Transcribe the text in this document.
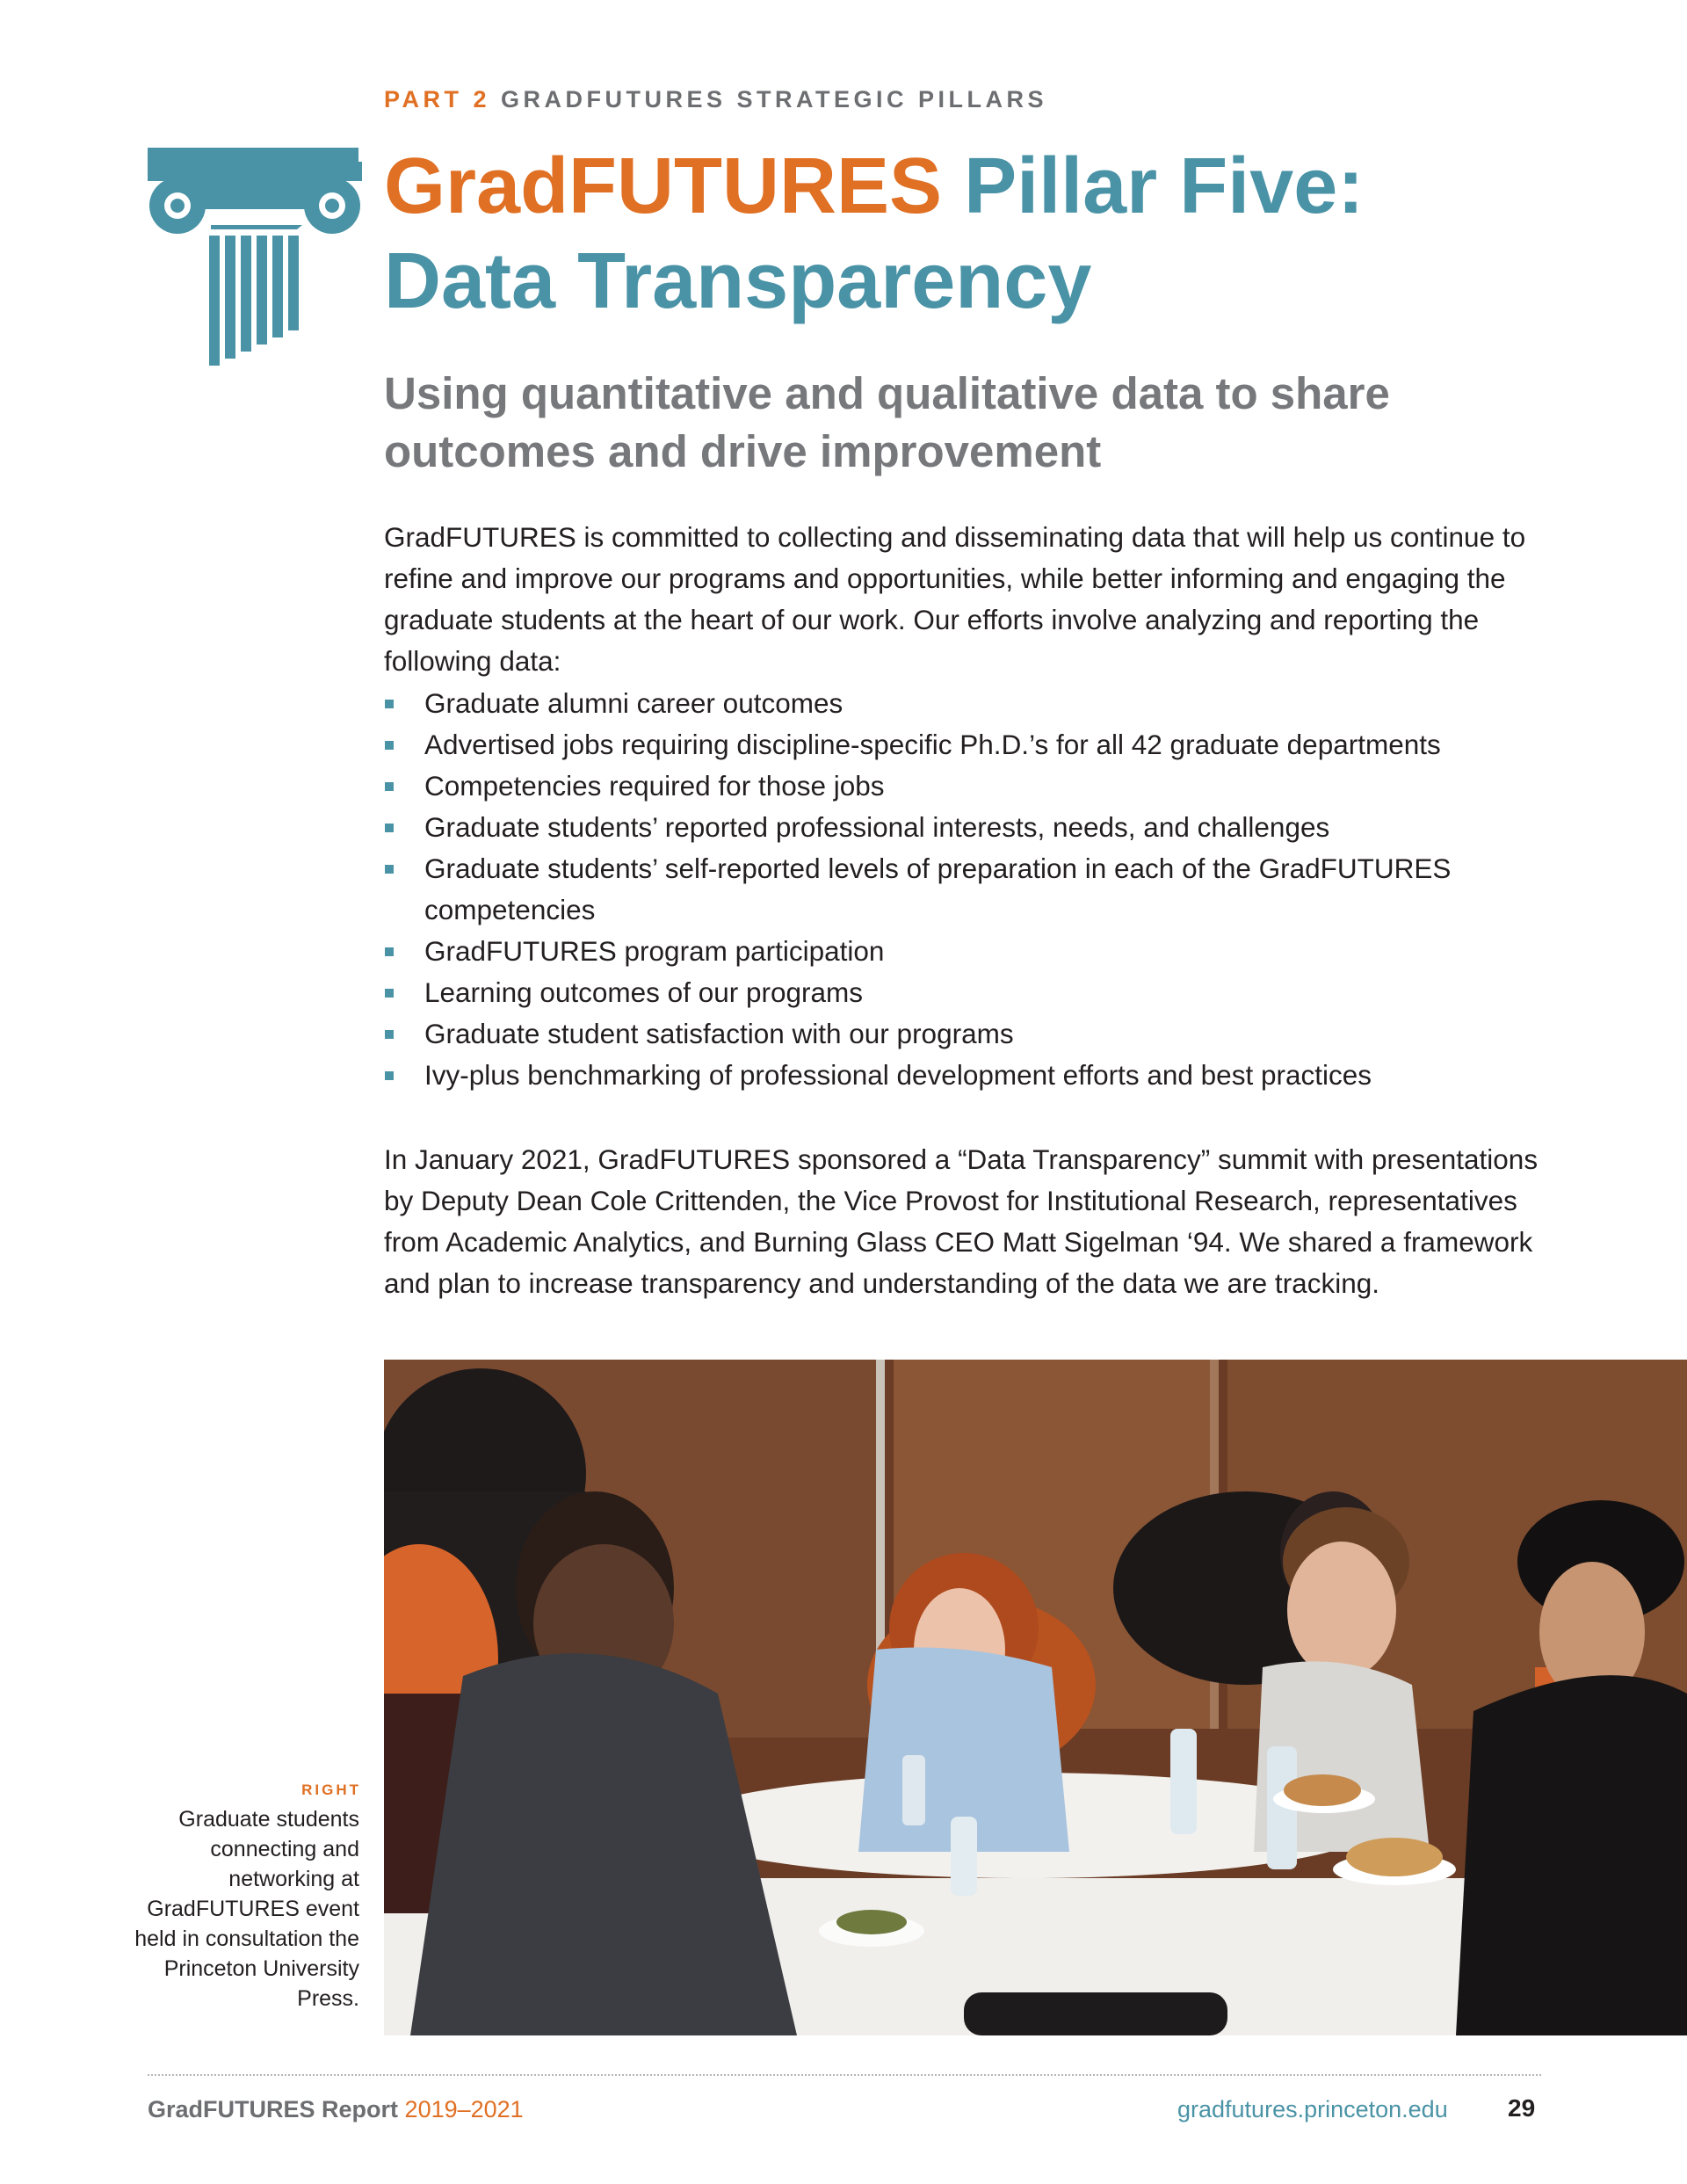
PART 2 GRADFUTURES STRATEGIC PILLARS
GradFUTURES Pillar Five:
Data Transparency
Using quantitative and qualitative data to share outcomes and drive improvement

GradFUTURES is committed to collecting and disseminating data that will help us continue to refine and improve our programs and opportunities, while better informing and engaging the graduate students at the heart of our work. Our efforts involve analyzing and reporting the following data:

Graduate alumni career outcomes
Advertised jobs requiring discipline-specific Ph.D.’s for all 42 graduate departments
Competencies required for those jobs
Graduate students’ reported professional interests, needs, and challenges
Graduate students’ self-reported levels of preparation in each of the GradFUTURES competencies
GradFUTURES program participation
Learning outcomes of our programs
Graduate student satisfaction with our programs
Ivy-plus benchmarking of professional development efforts and best practices

In January 2021, GradFUTURES sponsored a “Data Transparency” summit with presentations by Deputy Dean Cole Crittenden, the Vice Provost for Institutional Research, representatives from Academic Analytics, and Burning Glass CEO Matt Sigelman ‘94. We shared a framework and plan to increase transparency and understanding of the data we are tracking.

RIGHT

Graduate students connecting and networking at GradFUTURES event held in consultation the Princeton University Press.

GradFUTURES Report 2019–2021	gradfutures.princeton.edu 29
